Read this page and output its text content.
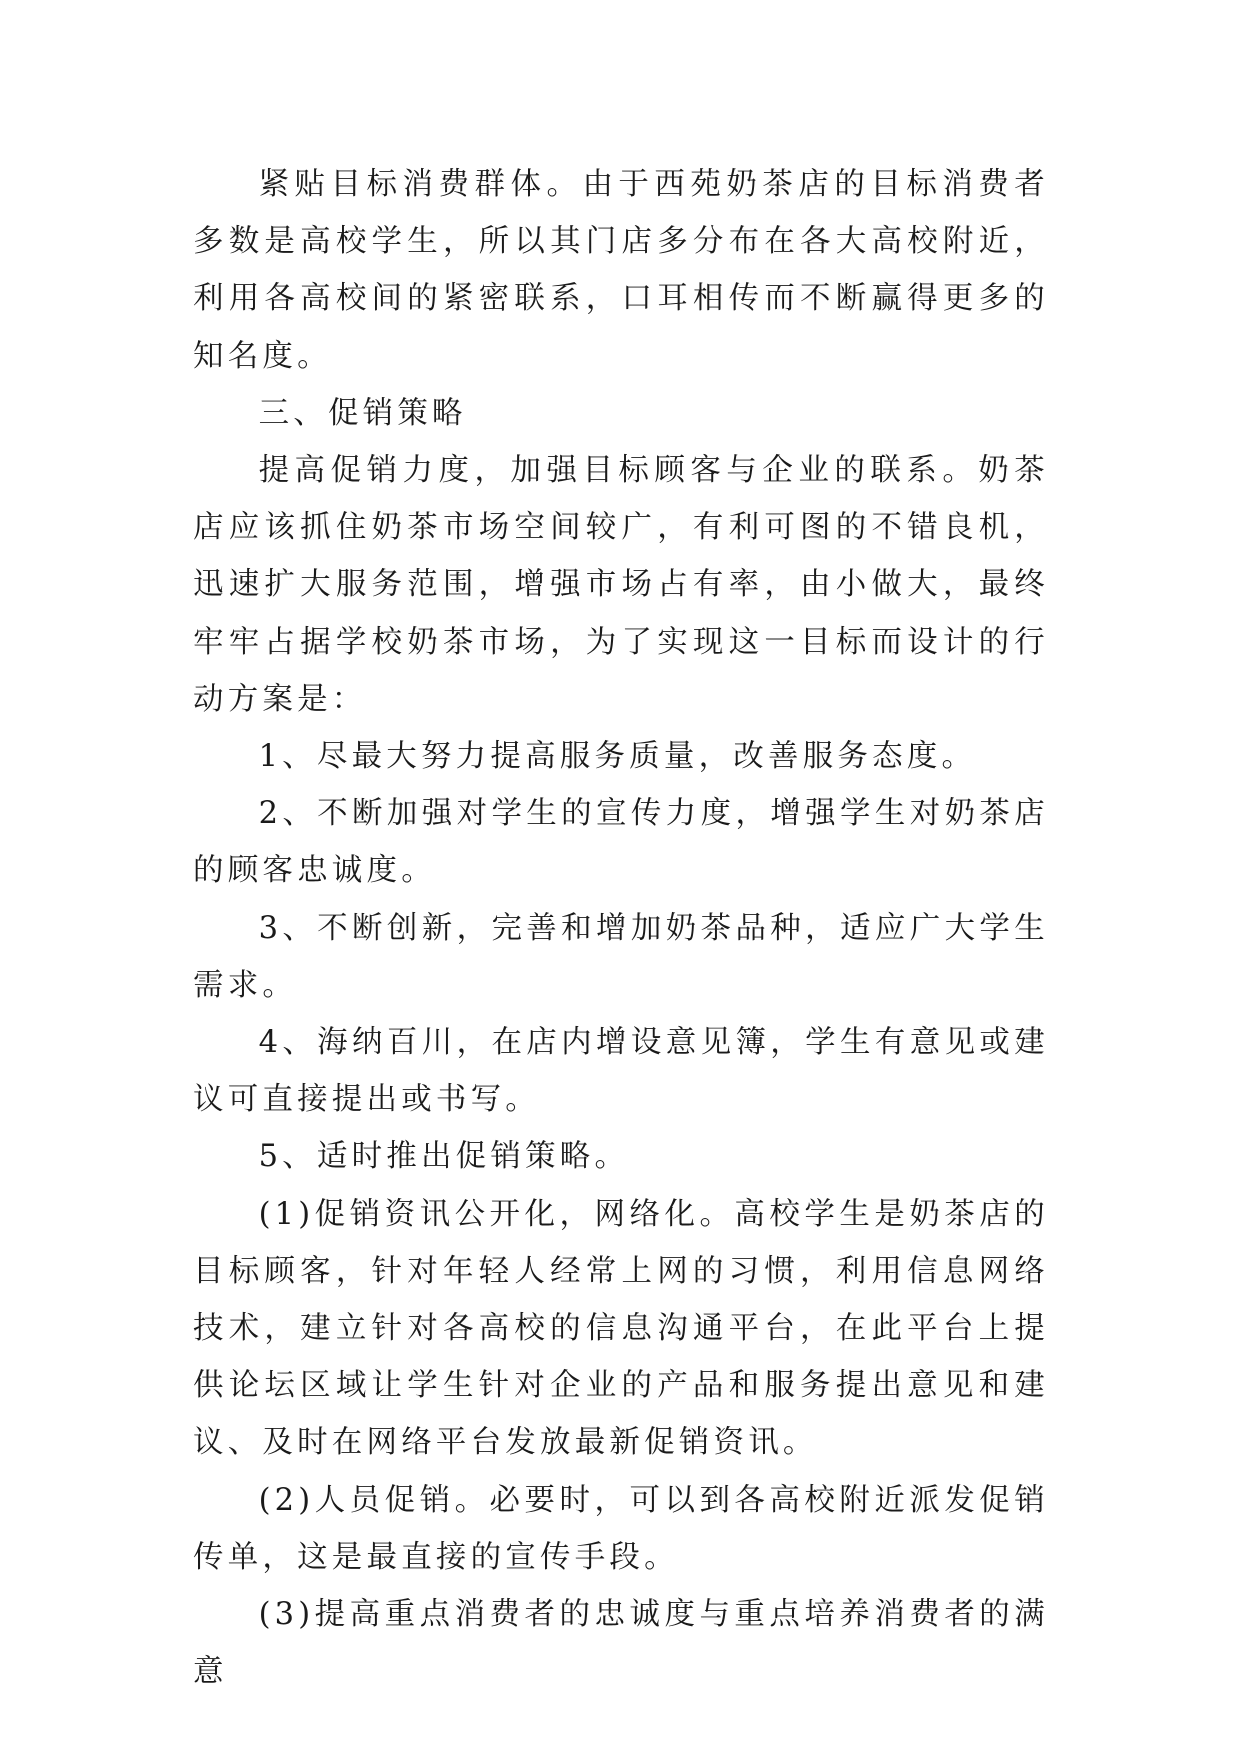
紧贴目标消费群体。由于西苑奶茶店的目标消费者多数是高校学生，所以其门店多分布在各大高校附近，利用各高校间的紧密联系，口耳相传而不断赢得更多的知名度。

三、促销策略

提高促销力度，加强目标顾客与企业的联系。奶茶店应该抓住奶茶市场空间较广，有利可图的不错良机，迅速扩大服务范围，增强市场占有率，由小做大，最终牢牢占据学校奶茶市场，为了实现这一目标而设计的行动方案是：

1、尽最大努力提高服务质量，改善服务态度。

2、不断加强对学生的宣传力度，增强学生对奶茶店的顾客忠诚度。

3、不断创新，完善和增加奶茶品种，适应广大学生需求。

4、海纳百川，在店内增设意见簿，学生有意见或建议可直接提出或书写。

5、适时推出促销策略。

(1)促销资讯公开化，网络化。高校学生是奶茶店的目标顾客，针对年轻人经常上网的习惯，利用信息网络技术，建立针对各高校的信息沟通平台，在此平台上提供论坛区域让学生针对企业的产品和服务提出意见和建议、及时在网络平台发放最新促销资讯。

(2)人员促销。必要时，可以到各高校附近派发促销传单，这是最直接的宣传手段。

(3)提高重点消费者的忠诚度与重点培养消费者的满意
